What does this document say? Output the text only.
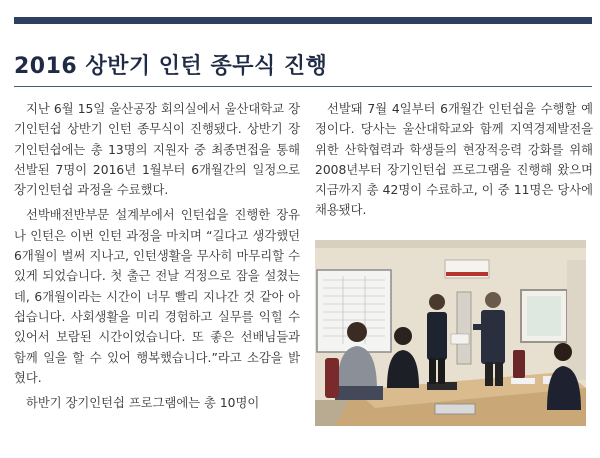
2016 상반기 인턴 종무식 진행

지난 6월 15일 울산공장 회의실에서 울산대학교 장기인턴쉽 상반기 인턴 종무식이 진행됐다. 상반기 장기인턴쉽에는 총 13명의 지원자 중 최종면접을 통해 선발된 7명이 2016년 1월부터 6개월간의 일정으로 장기인턴쉽 과정을 수료했다.

선박배전반부문 설계부에서 인턴쉽을 진행한 장유나 인턴은 이번 인턴 과정을 마치며 “길다고 생각했던 6개월이 벌써 지나고, 인턴생활을 무사히 마무리할 수 있게 되었습니다. 첫 출근 전날 걱정으로 잠을 설쳤는데, 6개월이라는 시간이 너무 빨리 지나간 것 같아 아쉽습니다. 사회생활을 미리 경험하고 실무를 익힐 수 있어서 보람된 시간이었습니다. 또 좋은 선배님들과 함께 일을 할 수 있어 행복했습니다.”라고 소감을 밝혔다.

하반기 장기인턴쉽 프로그램에는 총 10명이

선발돼 7월 4일부터 6개월간 인턴쉽을 수행할 예정이다. 당사는 울산대학교와 함께 지역경제발전을 위한 산학협력과 학생들의 현장적응력 강화를 위해 2008년부터 장기인턴쉽 프로그램을 진행해 왔으며 지금까지 총 42명이 수료하고, 이 중 11명은 당사에 채용됐다.
